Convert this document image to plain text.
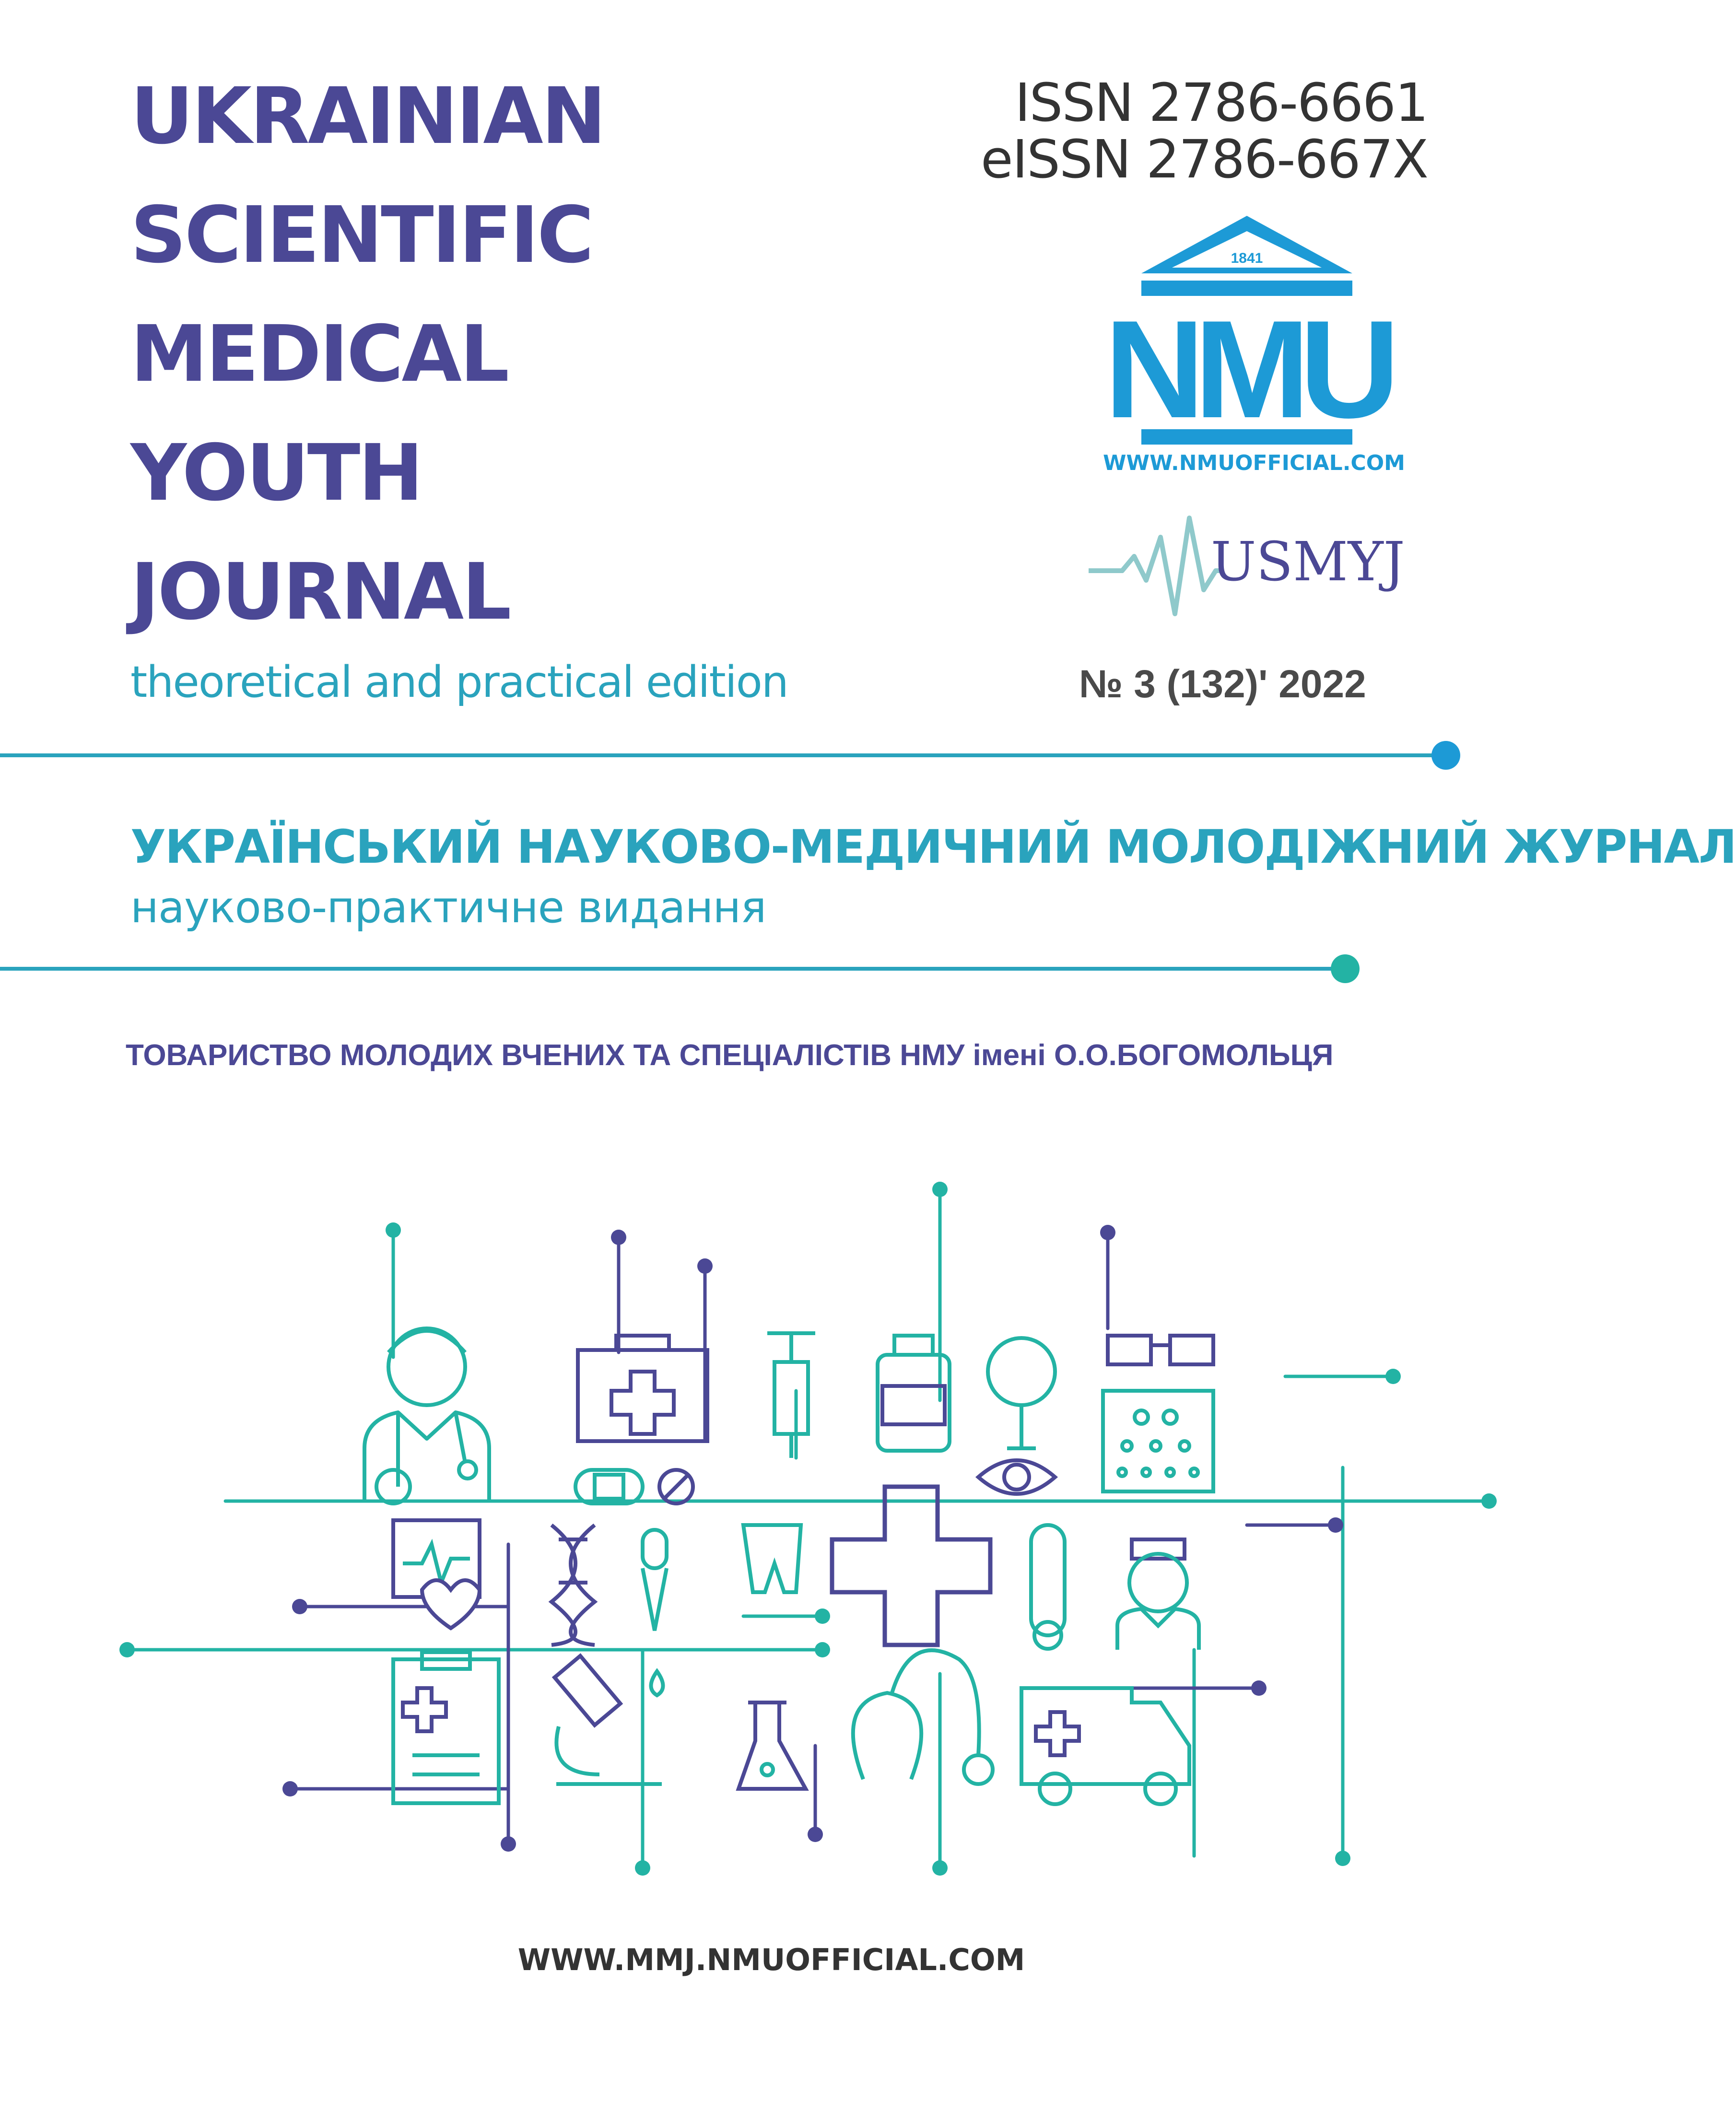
UKRAINIAN
SCIENTIFIC
MEDICAL
YOUTH
JOURNAL
theoretical and practical edition
ISSN 2786-6661
eISSN 2786-667X
1841
NMU
WWW.NMUOFFICIAL.COM
USMYJ
№ 3 (132)' 2022
УКРАЇНСЬКИЙ НАУКОВО-МЕДИЧНИЙ МОЛОДІЖНИЙ ЖУРНАЛ
науково-практичне видання
ТОВАРИСТВО МОЛОДИХ ВЧЕНИХ ТА СПЕЦІАЛІСТІВ НМУ імені О.О.БОГОМОЛЬЦЯ
WWW.MMJ.NMUOFFICIAL.COM
